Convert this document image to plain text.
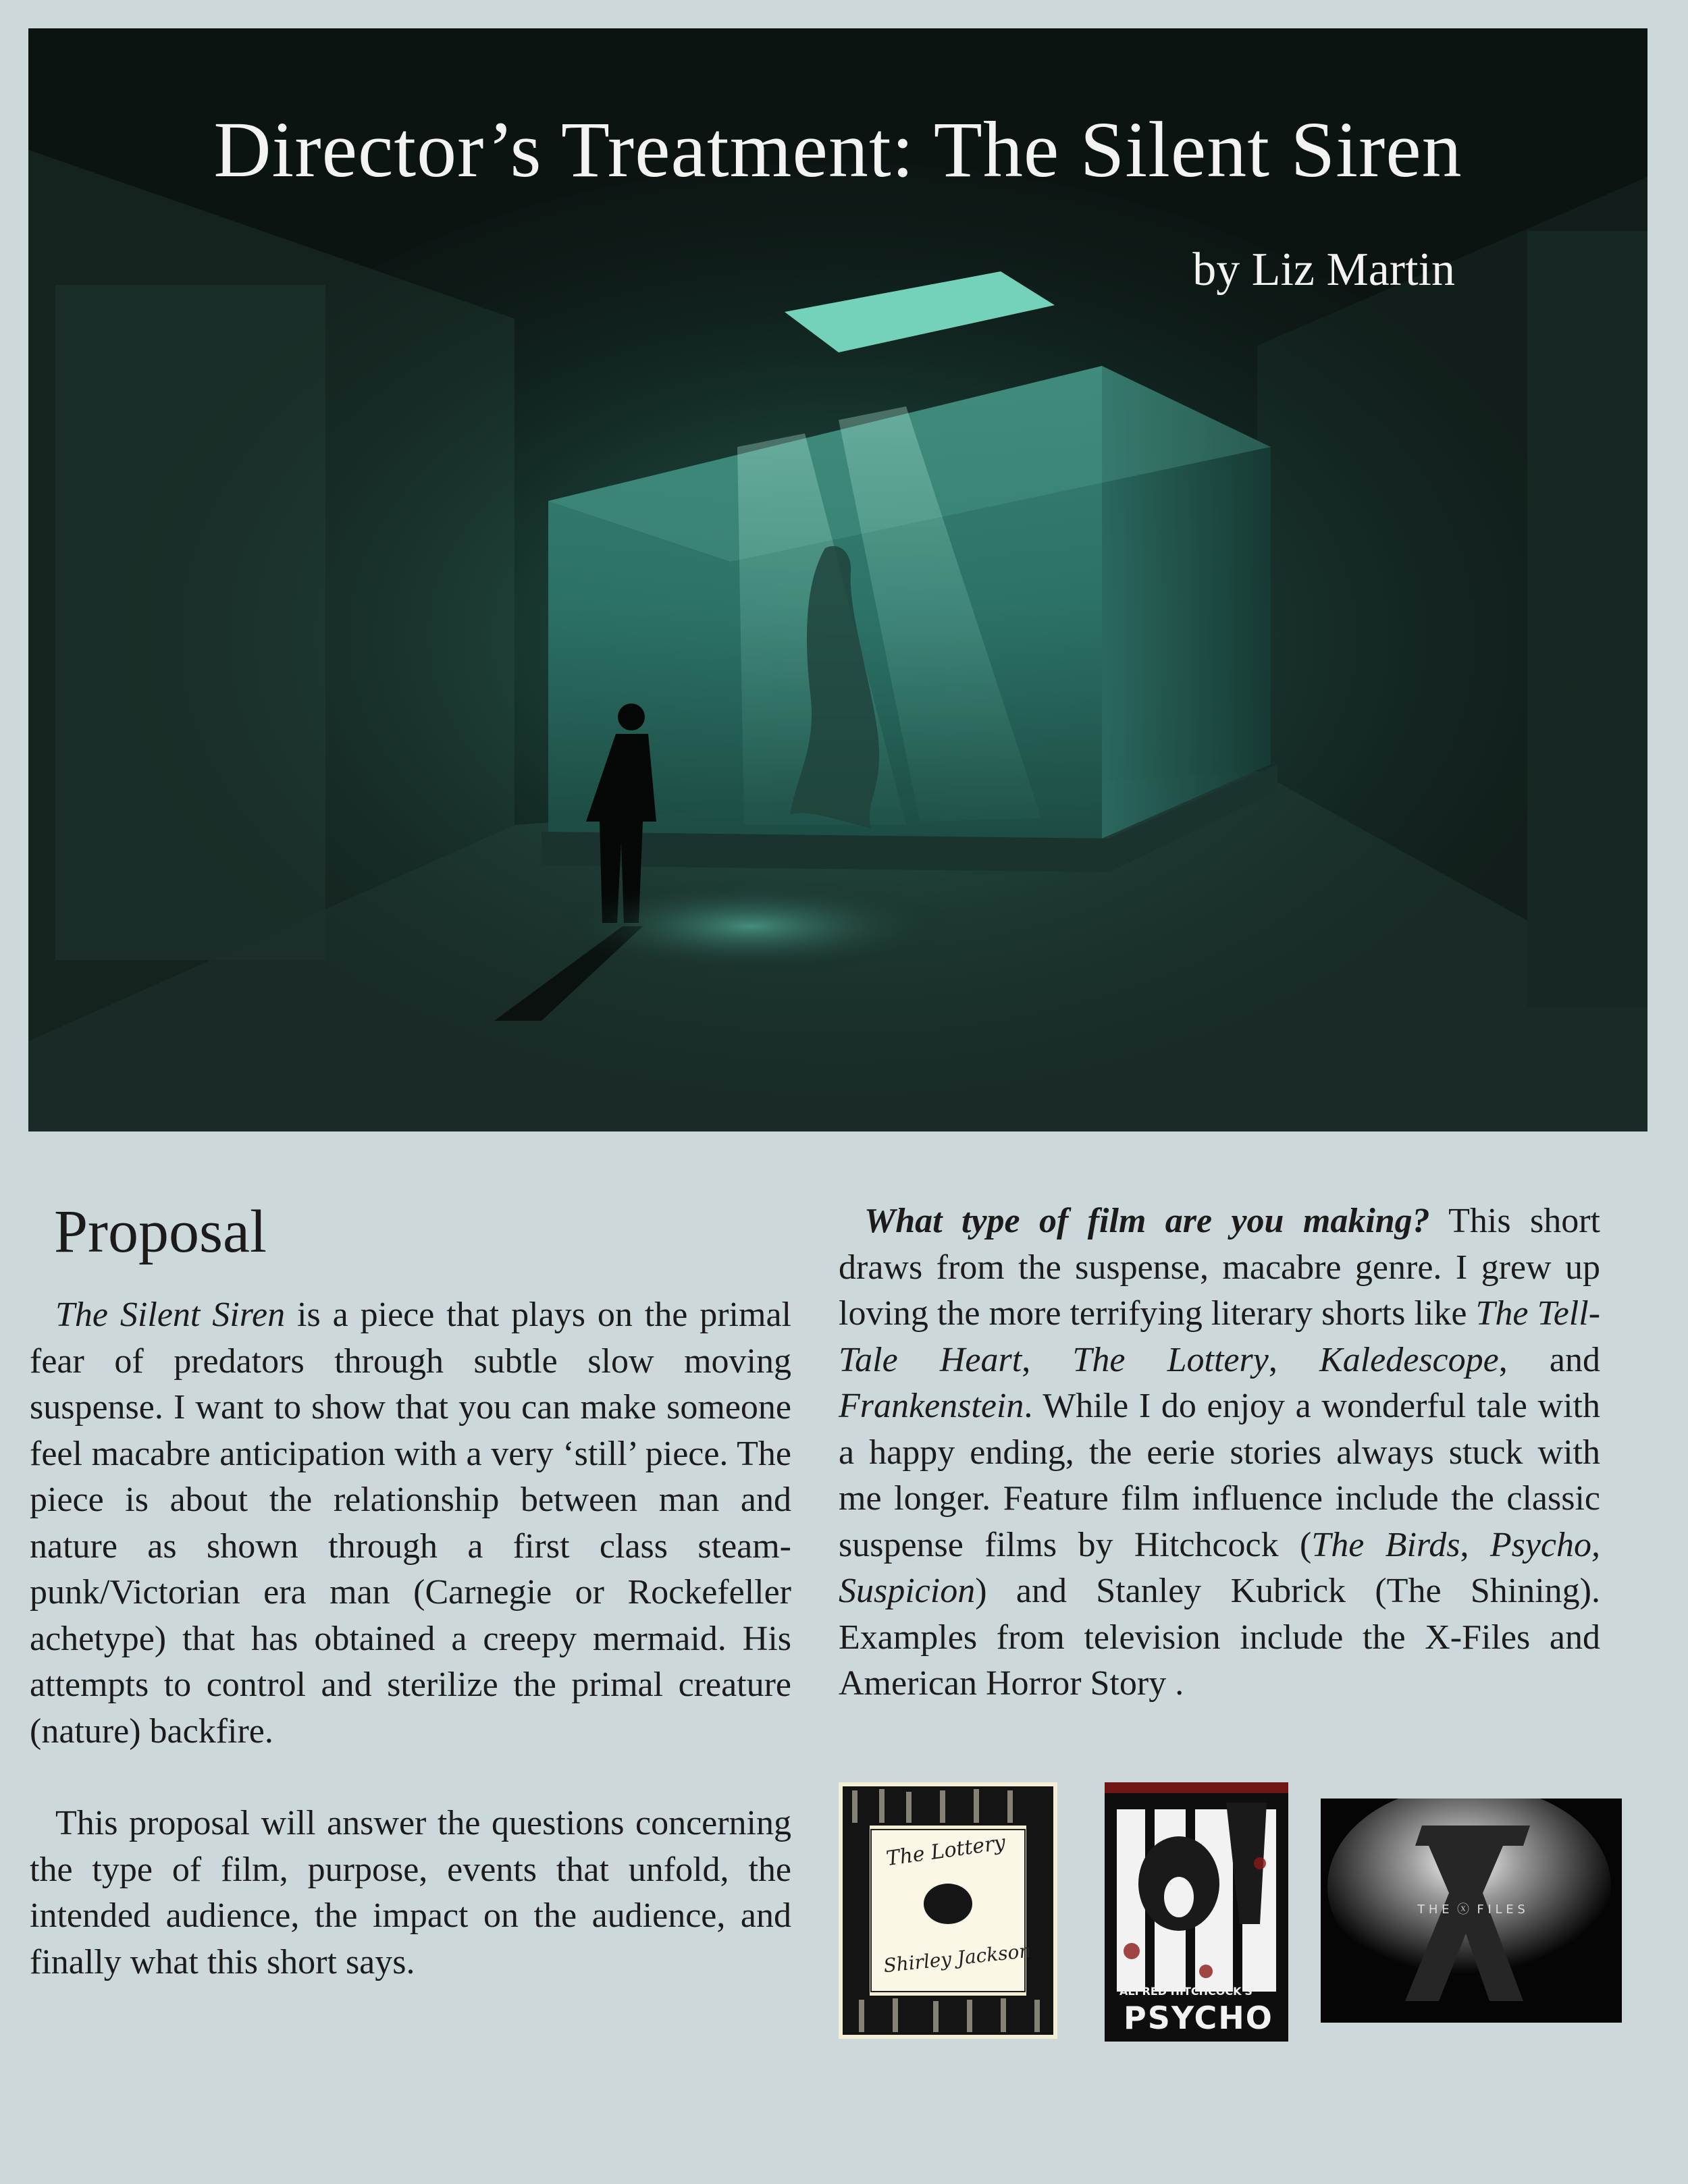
Director’s Treatment: The Silent Siren

by Liz Martin

Proposal

The Silent Siren is a piece that plays on the primal fear of predators through subtle slow moving suspense. I want to show that you can make someone feel macabre anticipation with a very ‘still’ piece. The piece is about the relationship between man and nature as shown through a first class steam-punk/Victorian era man (Carnegie or Rockefeller achetype) that has obtained a creepy mermaid. His attempts to control and sterilize the primal creature (nature) backfire.

This proposal will answer the questions concerning the type of film, purpose, events that unfold, the intended audience, the impact on the audience, and finally what this short says.

What type of film are you making? This short draws from the suspense, macabre genre. I grew up loving the more terrifying literary shorts like The Tell-Tale Heart, The Lottery, Kaledescope, and Frankenstein. While I do enjoy a wonderful tale with a happy ending, the eerie stories always stuck with me longer. Feature film influence include the classic suspense films by Hitchcock (The Birds, Psycho, Suspicion) and Stanley Kubrick (The Shining). Examples from television include the X-Files and American Horror Story .

The Lottery
Shirley Jackson
ALFRED HITCHCOCK'S
PSYCHO
T H E  ⓧ  F I L E S
